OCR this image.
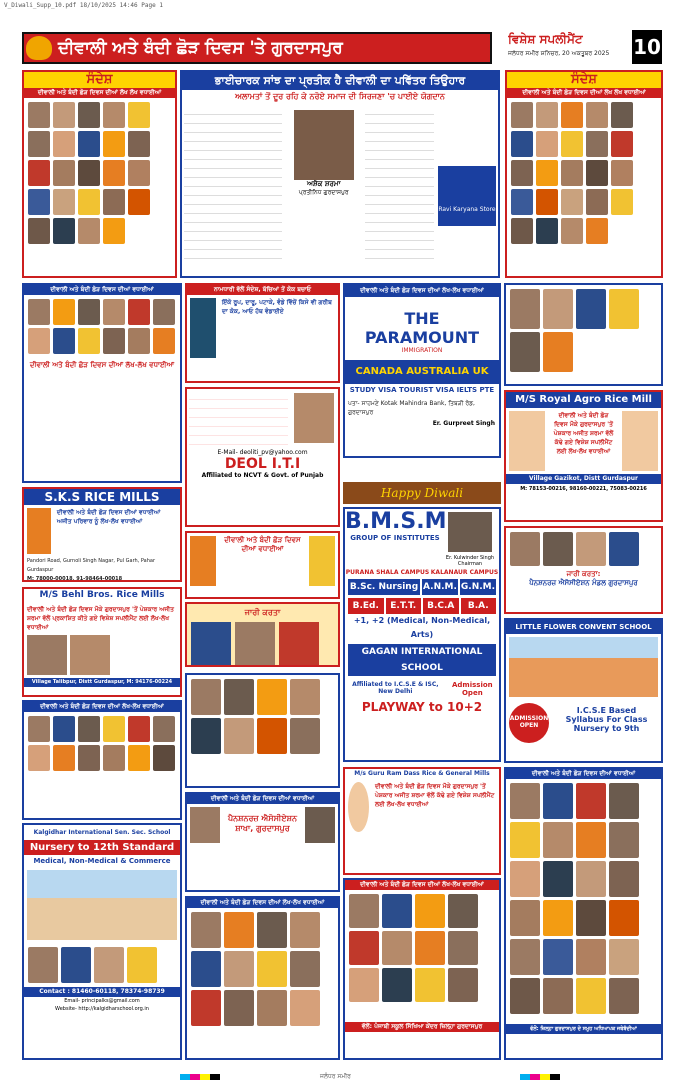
V_Diwali_Supp_10.pdf 18/10/2025 14:46 Page 1
ਦੀਵਾਲੀ ਅਤੇ ਬੰਦੀ ਛੋੜ ਦਿਵਸ 'ਤੇ ਗੁਰਦਾਸਪੁਰ	ਵਿਸ਼ੇਸ਼ ਸਪਲੀਮੈਂਟ
ਜਲੰਧਰ ਸਮੀਰ ਸ਼ਨਿਚਰ, 20 ਅਕਤੂਬਰ 2025	10
ਸੰਦੇਸ਼
ਦੀਵਾਲੀ ਅਤੇ ਬੰਦੀ ਛੋੜ ਦਿਵਸ ਦੀਆਂ ਲੱਖ ਲੱਖ ਵਧਾਈਆਂ
ਭਾਈਚਾਰਕ ਸਾਂਝ ਦਾ ਪ੍ਰਤੀਕ ਹੈ ਦੀਵਾਲੀ ਦਾ ਪਵਿੱਤਰ ਤਿਉਹਾਰ
ਅਲਾਮਤਾਂ ਤੋਂ ਦੂਰ ਰਹਿ ਕੇ ਨਰੋਏ ਸਮਾਜ ਦੀ ਸਿਰਜਣਾ 'ਚ ਪਾਈਏ ਯੋਗਦਾਨ
ਅਸ਼ੋਕ ਸ਼ਰਮਾ
ਪ੍ਰਤੀਨਿਧ ਗੁਰਦਾਸਪੁਰ
Ravi Karyana Store
ਸੰਦੇਸ਼
ਦੀਵਾਲੀ ਅਤੇ ਬੰਦੀ ਛੋੜ ਦਿਵਸ ਦੀਆਂ ਲੱਖ ਲੱਖ ਵਧਾਈਆਂ
ਦੀਵਾਲੀ ਅਤੇ ਬੰਦੀ ਛੋੜ ਦਿਵਸ ਦੀਆਂ ਵਧਾਈਆਂ
ਦੀਵਾਲੀ ਅਤੇ ਬੰਦੀ ਛੋੜ ਦਿਵਸ ਦੀਆਂ ਲੱਖ-ਲੱਖ ਵਧਾਈਆਂ
S.K.S RICE MILLS
ਦੀਵਾਲੀ ਅਤੇ ਬੰਦੀ ਛੋੜ ਦਿਵਸ ਦੀਆਂ ਵਧਾਈਆਂ ਅਜੀਤ ਪਰਿਵਾਰ ਨੂੰ ਲੱਖ-ਲੱਖ ਵਧਾਈਆਂ
Pandori Road, Gurnoli Singh Nagar, Pul Garh, Pahar Gurdaspur
M: 78000-00018, 91-98464-00018
M/S Behl Bros. Rice Mills
ਦੀਵਾਲੀ ਅਤੇ ਬੰਦੀ ਛੋੜ ਦਿਵਸ ਮੌਕੇ ਗੁਰਦਾਸਪੁਰ 'ਤੋਂ ਪੇਸ਼ਕਾਰ ਅਜੀਤ ਸ਼ਰਮਾ ਵੱਲੋਂ ਪ੍ਰਕਾਸ਼ਿਤ ਕੀਤੇ ਗਏ ਵਿਸ਼ੇਸ਼ ਸਪਲੀਮੈਂਟ ਲਈ ਲੱਖ-ਲੱਖ ਵਧਾਈਆਂ
Village Talibpur, Distt Gurdaspur, M: 94176-00224
ਦੀਵਾਲੀ ਅਤੇ ਬੰਦੀ ਛੋੜ ਦਿਵਸ ਦੀਆਂ ਲੱਖ-ਲੱਖ ਵਧਾਈਆਂ
Kalgidhar International Sen. Sec. School
Nursery to 12th Standard
Medical, Non-Medical & Commerce
Contact : 81460-60118, 78374-98739
Email- principalks@gmail.com
Website- http://kalgidharschool.org.in
ਨਾਮਧਾਰੀ ਵੱਲੋਂ ਸੰਦੇਸ਼, ਬੱਚਿਆਂ ਤੋਂ ਕੋਕ ਬਚਾਓ
ਇੱਕੋ ਰੂਪ, ਦਾਰੂ, ਪਟਾਕੇ, ਵੰਡੇ ਵਿੱਚੋਂ ਕਿਸੇ ਵੀ ਗਰੀਬ ਦਾ ਕੋਕ, ਆਓ ਹੱਥ ਵੰਡਾਈਏ
E-Mail- deoliti_pv@yahoo.com
DEOL I.T.I
Affiliated to NCVT & Govt. of Punjab
ਦੀਵਾਲੀ ਅਤੇ ਬੰਦੀ ਛੋੜ ਦਿਵਸ ਦੀਆਂ ਵਧਾਈਆਂ
ਜਾਰੀ ਕਰਤਾ
ਦੀਵਾਲੀ ਅਤੇ ਬੰਦੀ ਛੋੜ ਦਿਵਸ ਦੀਆਂ ਵਧਾਈਆਂ
ਪੈਨਸ਼ਨਰਜ਼ ਐਸੋਸੀਏਸ਼ਨ ਸ਼ਾਖਾ, ਗੁਰਦਾਸਪੁਰ
ਦੀਵਾਲੀ ਅਤੇ ਬੰਦੀ ਛੋੜ ਦਿਵਸ ਦੀਆਂ ਲੱਖ-ਲੱਖ ਵਧਾਈਆਂ
ਦੀਵਾਲੀ ਅਤੇ ਬੰਦੀ ਛੋੜ ਦਿਵਸ ਦੀਆਂ ਲੱਖ-ਲੱਖ ਵਧਾਈਆਂ
THE PARAMOUNT
IMMIGRATION
CANADA AUSTRALIA UK
STUDY VISA TOURIST VISA IELTS PTE
ਪਤਾ- ਸਾਹਮਣੇ Kotak Mahindra Bank, ਤਿਬੜੀ ਰੋਡ, ਗੁਰਦਾਸਪੁਰ
Er. Gurpreet Singh
Happy Diwali
B.M.S.M
GROUP OF INSTITUTES
Er. Kulwinder Singh Chairman
PURANA SHALA CAMPUS KALANAUR CAMPUS
B.Sc. Nursing A.N.M. G.N.M.
B.Ed.	E.T.T.	B.C.A	B.A.
+1, +2 (Medical, Non-Medical, Arts)
GAGAN INTERNATIONAL SCHOOL
Affiliated to I.C.S.E & ISC, New Delhi
Admission Open
PLAYWAY to 10+2
M/s Guru Ram Dass Rice & General Mills
ਦੀਵਾਲੀ ਅਤੇ ਬੰਦੀ ਛੋੜ ਦਿਵਸ ਮੌਕੇ ਗੁਰਦਾਸਪੁਰ 'ਤੋਂ ਪੇਸ਼ਕਾਰ ਅਜੀਤ ਸ਼ਰਮਾ ਵੱਲੋਂ ਕੱਢੇ ਗਏ ਵਿਸ਼ੇਸ਼ ਸਪਲੀਮੈਂਟ ਲਈ ਲੱਖ-ਲੱਖ ਵਧਾਈਆਂ
ਦੀਵਾਲੀ ਅਤੇ ਬੰਦੀ ਛੋੜ ਦਿਵਸ ਦੀਆਂ ਲੱਖ-ਲੱਖ ਵਧਾਈਆਂ
ਵੱਲੋਂ: ਪੰਜਾਬੀ ਸਕੂਲ ਸਿੱਖਿਆ ਕੇਂਦਰ ਜ਼ਿਲ੍ਹਾ ਗੁਰਦਾਸਪੁਰ
M/S Royal Agro Rice Mill
ਦੀਵਾਲੀ ਅਤੇ ਬੰਦੀ ਛੋੜ ਦਿਵਸ ਮੌਕੇ ਗੁਰਦਾਸਪੁਰ 'ਤੋਂ ਪੇਸ਼ਕਾਰ ਅਜੀਤ ਸ਼ਰਮਾ ਵੱਲੋਂ ਕੱਢੇ ਗਏ ਵਿਸ਼ੇਸ਼ ਸਪਲੀਮੈਂਟ ਲਈ ਲੱਖ-ਲੱਖ ਵਧਾਈਆਂ
Village Gazikot, Distt Gurdaspur
M: 78153-00216, 98160-00221, 75083-00216
ਜਾਰੀ ਕਰਤਾ:
ਪੈਨਸ਼ਨਰਜ਼ ਐਸੋਸੀਏਸ਼ਨ ਮੰਡਲ ਗੁਰਦਾਸਪੁਰ
LITTLE FLOWER CONVENT SCHOOL
ADMISSION OPEN
I.C.S.E Based Syllabus For Class Nursery to 9th
ਦੀਵਾਲੀ ਅਤੇ ਬੰਦੀ ਛੋੜ ਦਿਵਸ ਦੀਆਂ ਵਧਾਈਆਂ
ਵੱਲੋਂ: ਜ਼ਿਲ੍ਹਾ ਗੁਰਦਾਸਪੁਰ ਦੇ ਸਮੂਹ ਅਧਿਆਪਕ ਜਥੇਬੰਦੀਆਂ
ਜਲੰਧਰ ਸਮੀਰ
